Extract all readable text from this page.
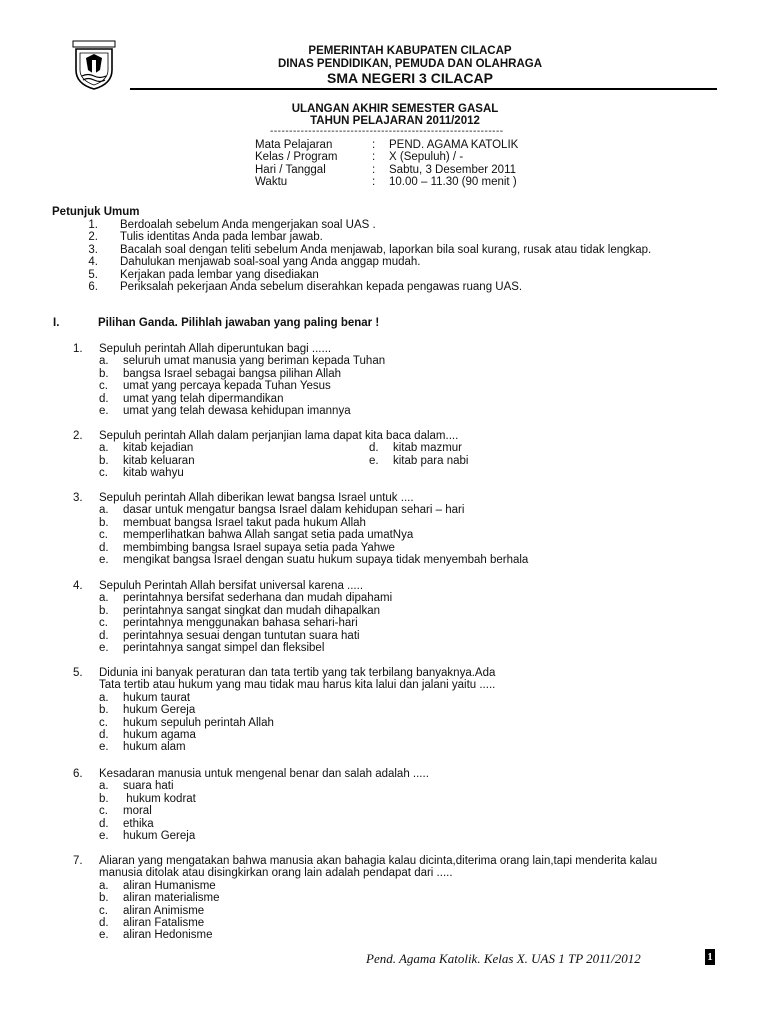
PEMERINTAH KABUPATEN CILACAP
DINAS PENDIDIKAN, PEMUDA DAN OLAHRAGA
SMA NEGERI 3 CILACAP
ULANGAN AKHIR SEMESTER GASAL
TAHUN PELAJARAN 2011/2012
-------------------------------------------------------------
Mata Pelajaran	: PEND. AGAMA KATOLIK
Kelas / Program	: X (Sepuluh) / -
Hari / Tanggal	: Sabtu, 3 Desember 2011
Waktu	: 10.00 – 11.30 (90 menit )
Petunjuk Umum
1. Berdoalah sebelum Anda mengerjakan soal UAS .
2. Tulis identitas Anda pada lembar jawab.
3. Bacalah soal dengan teliti sebelum Anda menjawab, laporkan bila soal kurang, rusak atau tidak lengkap.
4. Dahulukan menjawab soal-soal yang Anda anggap mudah.
5. Kerjakan pada lembar yang disediakan
6. Periksalah pekerjaan Anda sebelum diserahkan kepada pengawas ruang UAS.
I.	Pilihan Ganda. Pilihlah jawaban yang paling benar !
1. Sepuluh perintah Allah diperuntukan bagi ......
a. seluruh umat manusia yang beriman kepada Tuhan
b. bangsa Israel sebagai bangsa pilihan Allah
c. umat yang percaya kepada Tuhan Yesus
d. umat yang telah dipermandikan
e. umat yang telah dewasa kehidupan imannya
2. Sepuluh perintah Allah dalam perjanjian lama dapat kita baca dalam....
a. kitab kejadian	d. kitab mazmur
b. kitab keluaran	e. kitab para nabi
c. kitab wahyu
3. Sepuluh perintah Allah diberikan lewat bangsa Israel untuk ....
a. dasar untuk mengatur bangsa Israel dalam kehidupan sehari – hari
b. membuat bangsa Israel takut pada hukum Allah
c. memperlihatkan bahwa Allah sangat setia pada umatNya
d. membimbing bangsa Israel supaya setia pada Yahwe
e. mengikat bangsa Israel dengan suatu hukum supaya tidak menyembah berhala
4. Sepuluh Perintah Allah bersifat universal karena .....
a. perintahnya bersifat sederhana dan mudah dipahami
b. perintahnya sangat singkat dan mudah dihapalkan
c. perintahnya menggunakan bahasa sehari-hari
d. perintahnya sesuai dengan tuntutan suara hati
e. perintahnya sangat simpel dan fleksibel
5. Didunia ini banyak peraturan dan tata tertib yang tak terbilang banyaknya.Ada
Tata tertib atau hukum yang mau tidak mau harus kita lalui dan jalani yaitu .....
a. hukum taurat
b. hukum Gereja
c. hukum sepuluh perintah Allah
d. hukum agama
e. hukum alam
6. Kesadaran manusia untuk mengenal benar dan salah adalah .....
a. suara hati
b. hukum kodrat
c. moral
d. ethika
e. hukum Gereja
7. Aliaran yang mengatakan bahwa manusia akan bahagia kalau dicinta,diterima orang lain,tapi menderita kalau
manusia ditolak atau disingkirkan orang lain adalah pendapat dari .....
a. aliran Humanisme
b. aliran materialisme
c. aliran Animisme
d. aliran Fatalisme
e. aliran Hedonisme
Pend. Agama Katolik. Kelas X. UAS 1 TP 2011/2012	1
